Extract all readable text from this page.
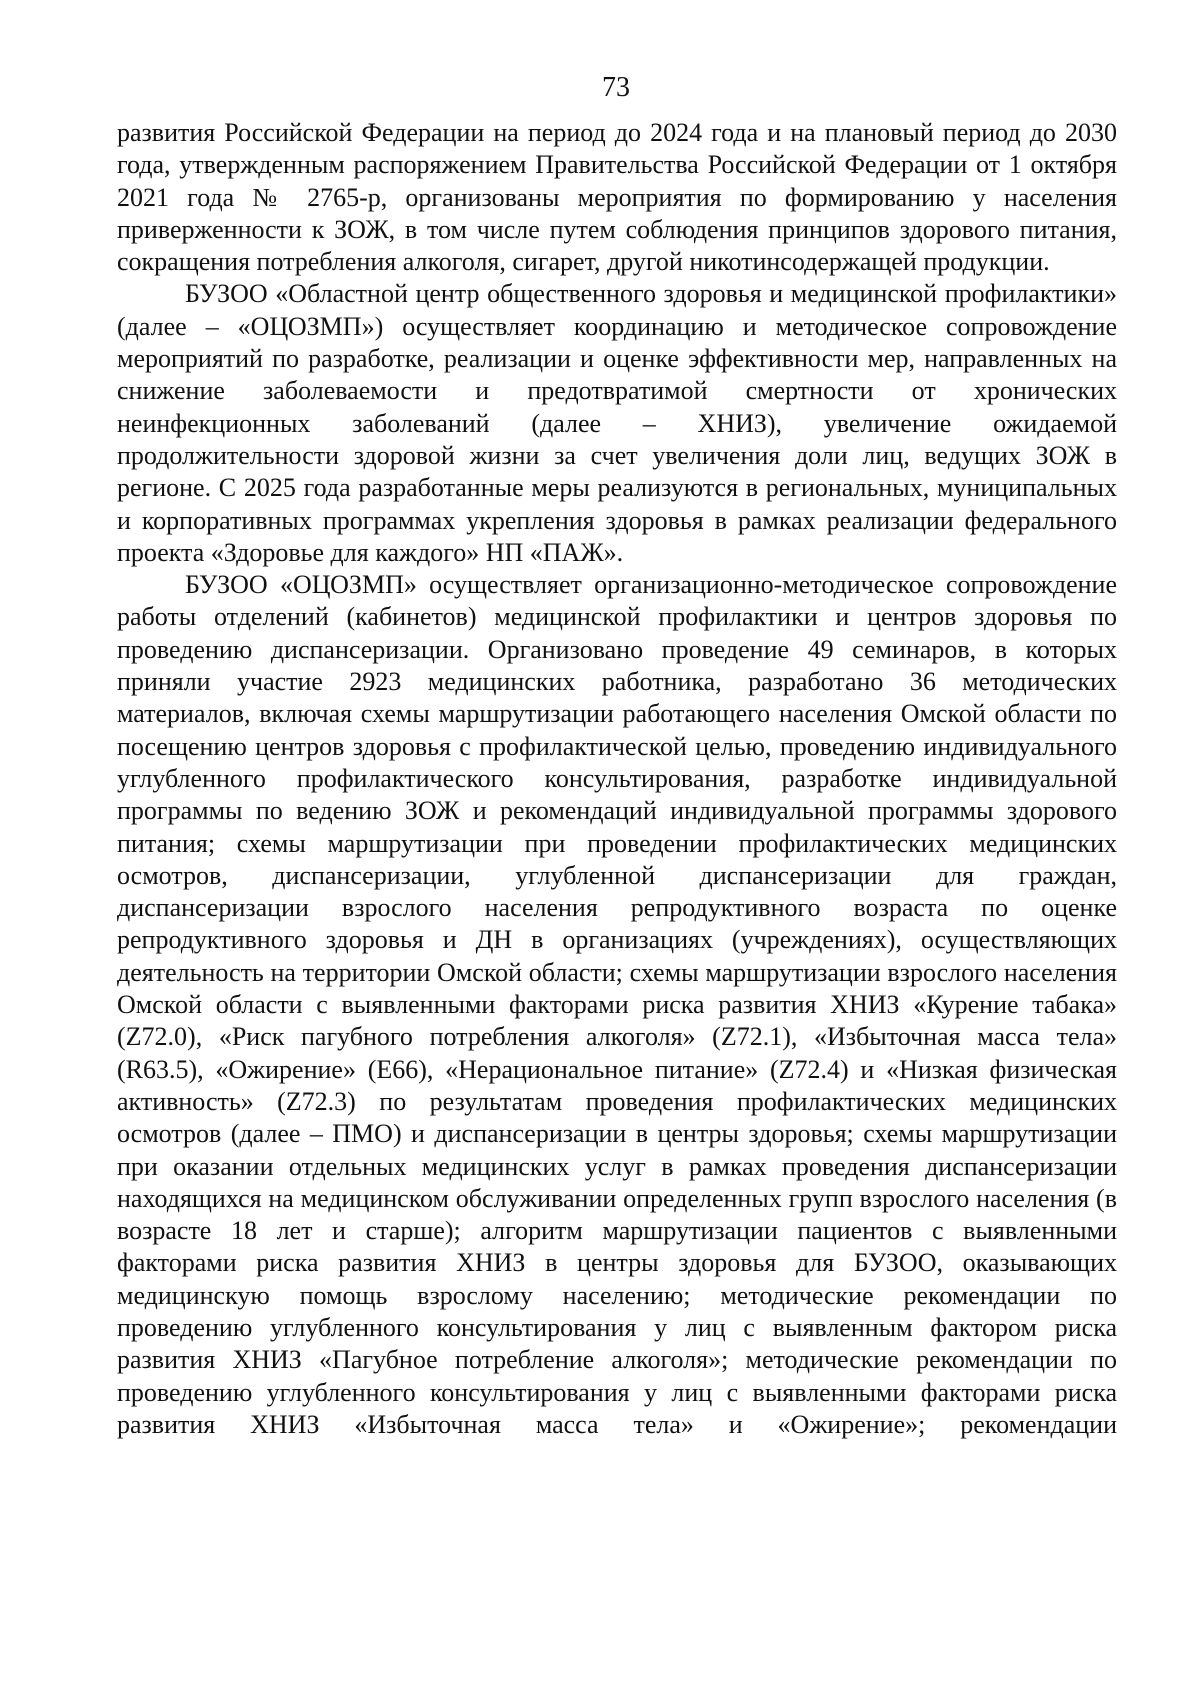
73

развития Российской Федерации на период до 2024 года и на плановый период до 2030 года, утвержденным распоряжением Правительства Российской Федерации от 1 октября 2021 года № 2765-р, организованы мероприятия по формированию у населения приверженности к ЗОЖ, в том числе путем соблюдения принципов здорового питания, сокращения потребления алкоголя, сигарет, другой никотинсодержащей продукции.

БУЗОО «Областной центр общественного здоровья и медицинской профилактики» (далее – «ОЦОЗМП») осуществляет координацию и методическое сопровождение мероприятий по разработке, реализации и оценке эффективности мер, направленных на снижение заболеваемости и предотвратимой смертности от хронических неинфекционных заболеваний (далее – ХНИЗ), увеличение ожидаемой продолжительности здоровой жизни за счет увеличения доли лиц, ведущих ЗОЖ в регионе. С 2025 года разработанные меры реализуются в региональных, муниципальных и корпоративных программах укрепления здоровья в рамках реализации федерального проекта «Здоровье для каждого» НП «ПАЖ».

БУЗОО «ОЦОЗМП» осуществляет организационно-методическое сопровождение работы отделений (кабинетов) медицинской профилактики и центров здоровья по проведению диспансеризации. Организовано проведение 49 семинаров, в которых приняли участие 2923 медицинских работника, разработано 36 методических материалов, включая схемы маршрутизации работающего населения Омской области по посещению центров здоровья с профилактической целью, проведению индивидуального углубленного профилактического консультирования, разработке индивидуальной программы по ведению ЗОЖ и рекомендаций индивидуальной программы здорового питания; схемы маршрутизации при проведении профилактических медицинских осмотров, диспансеризации, углубленной диспансеризации для граждан, диспансеризации взрослого населения репродуктивного возраста по оценке репродуктивного здоровья и ДН в организациях (учреждениях), осуществляющих деятельность на территории Омской области; схемы маршрутизации взрослого населения Омской области с выявленными факторами риска развития ХНИЗ «Курение табака» (Z72.0), «Риск пагубного потребления алкоголя» (Z72.1), «Избыточная масса тела» (R63.5), «Ожирение» (E66), «Нерациональное питание» (Z72.4) и «Низкая физическая активность» (Z72.3) по результатам проведения профилактических медицинских осмотров (далее – ПМО) и диспансеризации в центры здоровья; схемы маршрутизации при оказании отдельных медицинских услуг в рамках проведения диспансеризации находящихся на медицинском обслуживании определенных групп взрослого населения (в возрасте 18 лет и старше); алгоритм маршрутизации пациентов с выявленными факторами риска развития ХНИЗ в центры здоровья для БУЗОО, оказывающих медицинскую помощь взрослому населению; методические рекомендации по проведению углубленного консультирования у лиц с выявленным фактором риска развития ХНИЗ «Пагубное потребление алкоголя»; методические рекомендации по проведению углубленного консультирования у лиц с выявленными факторами риска развития ХНИЗ «Избыточная масса тела» и «Ожирение»; рекомендации
